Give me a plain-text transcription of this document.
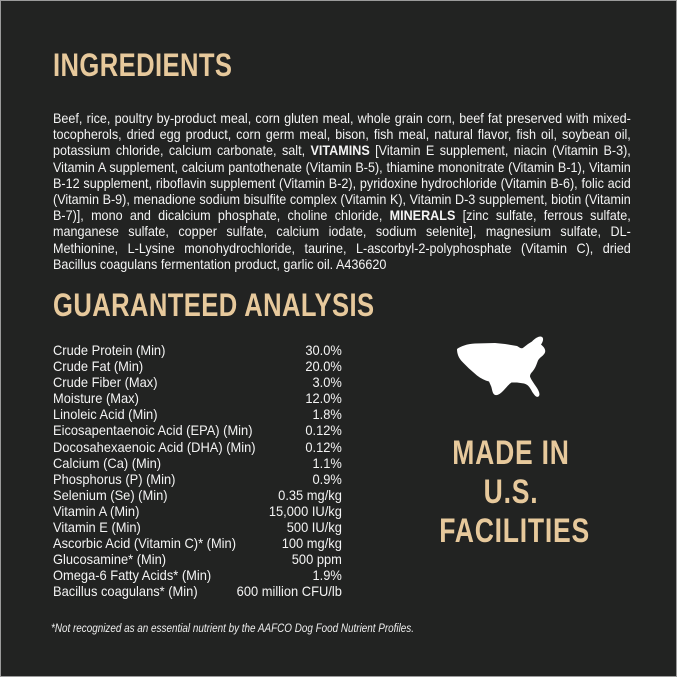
INGREDIENTS

Beef, rice, poultry by-product meal, corn gluten meal, whole grain corn, beef fat preserved with mixed-tocopherols, dried egg product, corn germ meal, bison, fish meal, natural flavor, fish oil, soybean oil, potassium chloride, calcium carbonate, salt, VITAMINS [Vitamin E supplement, niacin (Vitamin B-3), Vitamin A supplement, calcium pantothenate (Vitamin B-5), thiamine mononitrate (Vitamin B-1), Vitamin B-12 supplement, riboflavin supplement (Vitamin B-2), pyridoxine hydrochloride (Vitamin B-6), folic acid (Vitamin B-9), menadione sodium bisulfite complex (Vitamin K), Vitamin D-3 supplement, biotin (Vitamin B-7)], mono and dicalcium phosphate, choline chloride, MINERALS [zinc sulfate, ferrous sulfate, manganese sulfate, copper sulfate, calcium iodate, sodium selenite], magnesium sulfate, DL-Methionine, L-Lysine monohydrochloride, taurine, L-ascorbyl-2-polyphosphate (Vitamin C), dried Bacillus coagulans fermentation product, garlic oil. A436620

GUARANTEED ANALYSIS
Crude Protein (Min)	30.0%
Crude Fat (Min)	20.0%
Crude Fiber (Max)	3.0%
Moisture (Max)	12.0%
Linoleic Acid (Min)	1.8%
Eicosapentaenoic Acid (EPA) (Min)	0.12%
Docosahexaenoic Acid (DHA) (Min)	0.12%
Calcium (Ca) (Min)	1.1%
Phosphorus (P) (Min)	0.9%
Selenium (Se) (Min)	0.35 mg/kg
Vitamin A (Min)	15,000 IU/kg
Vitamin E (Min)	500 IU/kg
Ascorbic Acid (Vitamin C)* (Min)	100 mg/kg
Glucosamine* (Min)	500 ppm
Omega-6 Fatty Acids* (Min)	1.9%
Bacillus coagulans* (Min)	600 million CFU/lb
MADE IN
U.S.
FACILITIES
*Not recognized as an essential nutrient by the AAFCO Dog Food Nutrient Profiles.
